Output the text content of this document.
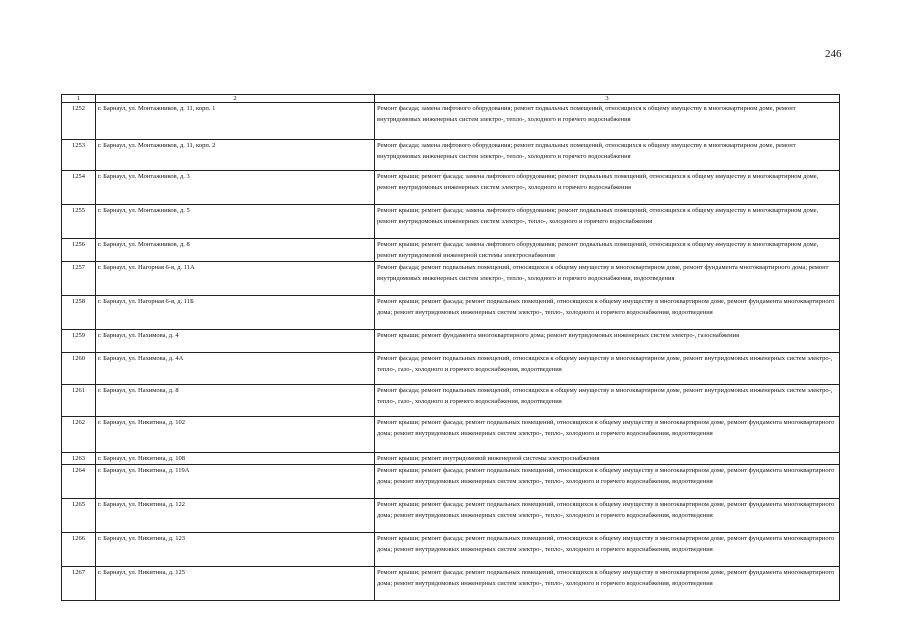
246
1	2	3
1252	г. Барнаул, ул. Монтажников, д. 11, корп. 1	Ремонт фасада; замена лифтового оборудования; ремонт подвальных помещений, относящихся к общему имуществу в многоквартирном доме, ремонт внутридомовых инженерных систем электро-, тепло-, холодного и горячего водоснабжения
1253	г. Барнаул, ул. Монтажников, д. 11, корп. 2	Ремонт фасада; замена лифтового оборудования; ремонт подвальных помещений, относящихся к общему имуществу в многоквартирном доме, ремонт внутридомовых инженерных систем электро-, тепло-, холодного и горячего водоснабжения
1254	г. Барнаул, ул. Монтажников, д. 3	Ремонт крыши; ремонт фасада; замена лифтового оборудования; ремонт подвальных помещений, относящихся к общему имуществу в многоквартирном доме, ремонт внутридомовых инженерных систем электро-, холодного и горячего водоснабжения
1255	г. Барнаул, ул. Монтажников, д. 5	Ремонт крыши; ремонт фасада; замена лифтового оборудования; ремонт подвальных помещений, относящихся к общему имуществу в многоквартирном доме, ремонт внутридомовых инженерных систем электро-, тепло-, холодного и горячего водоснабжения
1256	г. Барнаул, ул. Монтажников, д. 8	Ремонт крыши; ремонт фасада; замена лифтового оборудования; ремонт подвальных помещений, относящихся к общему имуществу в многоквартирном доме, ремонт внутридомовой инженерной системы электроснабжения
1257	г. Барнаул, ул. Нагорная 6-я, д. 11А	Ремонт фасада; ремонт подвальных помещений, относящихся к общему имуществу в многоквартирном доме, ремонт фундамента многоквартирного дома; ремонт внутридомовых инженерных систем электро-, тепло-, холодного и горячего водоснабжения, водоотведения
1258	г. Барнаул, ул. Нагорная 6-я, д. 11Б	Ремонт крыши; ремонт фасада; ремонт подвальных помещений, относящихся к общему имуществу в многоквартирном доме, ремонт фундамента многоквартирного дома; ремонт внутридомовых инженерных систем электро-, тепло-, холодного и горячего водоснабжения, водоотведения
1259	г. Барнаул, ул. Нахимова, д. 4	Ремонт крыши; ремонт фундамента многоквартирного дома; ремонт внутридомовых инженерных систем электро-, газоснабжения
1260	г. Барнаул, ул. Нахимова, д. 4А	Ремонт фасада; ремонт подвальных помещений, относящихся к общему имуществу в многоквартирном доме, ремонт внутридомовых инженерных систем электро-, тепло-, газо-, холодного и горячего водоснабжения, водоотведения
1261	г. Барнаул, ул. Нахимова, д. 8	Ремонт фасада; ремонт подвальных помещений, относящихся к общему имуществу в многоквартирном доме, ремонт внутридомовых инженерных систем электро-, тепло-, газо-, холодного и горячего водоснабжения, водоотведения
1262	г. Барнаул, ул. Никитина, д. 102	Ремонт крыши; ремонт фасада; ремонт подвальных помещений, относящихся к общему имуществу в многоквартирном доме, ремонт фундамента многоквартирного дома; ремонт внутридомовых инженерных систем электро-, тепло-, холодного и горячего водоснабжения, водоотведения
1263	г. Барнаул, ул. Никитина, д. 108	Ремонт крыши; ремонт внутридомовой инженерной системы электроснабжения
1264	г. Барнаул, ул. Никитина, д. 119А	Ремонт крыши; ремонт фасада; ремонт подвальных помещений, относящихся к общему имуществу в многоквартирном доме, ремонт фундамента многоквартирного дома; ремонт внутридомовых инженерных систем электро-, тепло-, холодного и горячего водоснабжения, водоотведения
1265	г. Барнаул, ул. Никитина, д. 122	Ремонт крыши; ремонт фасада; ремонт подвальных помещений, относящихся к общему имуществу в многоквартирном доме, ремонт фундамента многоквартирного дома; ремонт внутридомовых инженерных систем электро-, тепло-, холодного и горячего водоснабжения, водоотведения
1266	г. Барнаул, ул. Никитина, д. 123	Ремонт крыши; ремонт фасада; ремонт подвальных помещений, относящихся к общему имуществу в многоквартирном доме, ремонт фундамента многоквартирного дома; ремонт внутридомовых инженерных систем электро-, тепло-, холодного и горячего водоснабжения, водоотведения
1267	г. Барнаул, ул. Никитина, д. 125	Ремонт крыши; ремонт фасада; ремонт подвальных помещений, относящихся к общему имуществу в многоквартирном доме, ремонт фундамента многоквартирного дома; ремонт внутридомовых инженерных систем электро-, тепло-, холодного и горячего водоснабжения, водоотведения
